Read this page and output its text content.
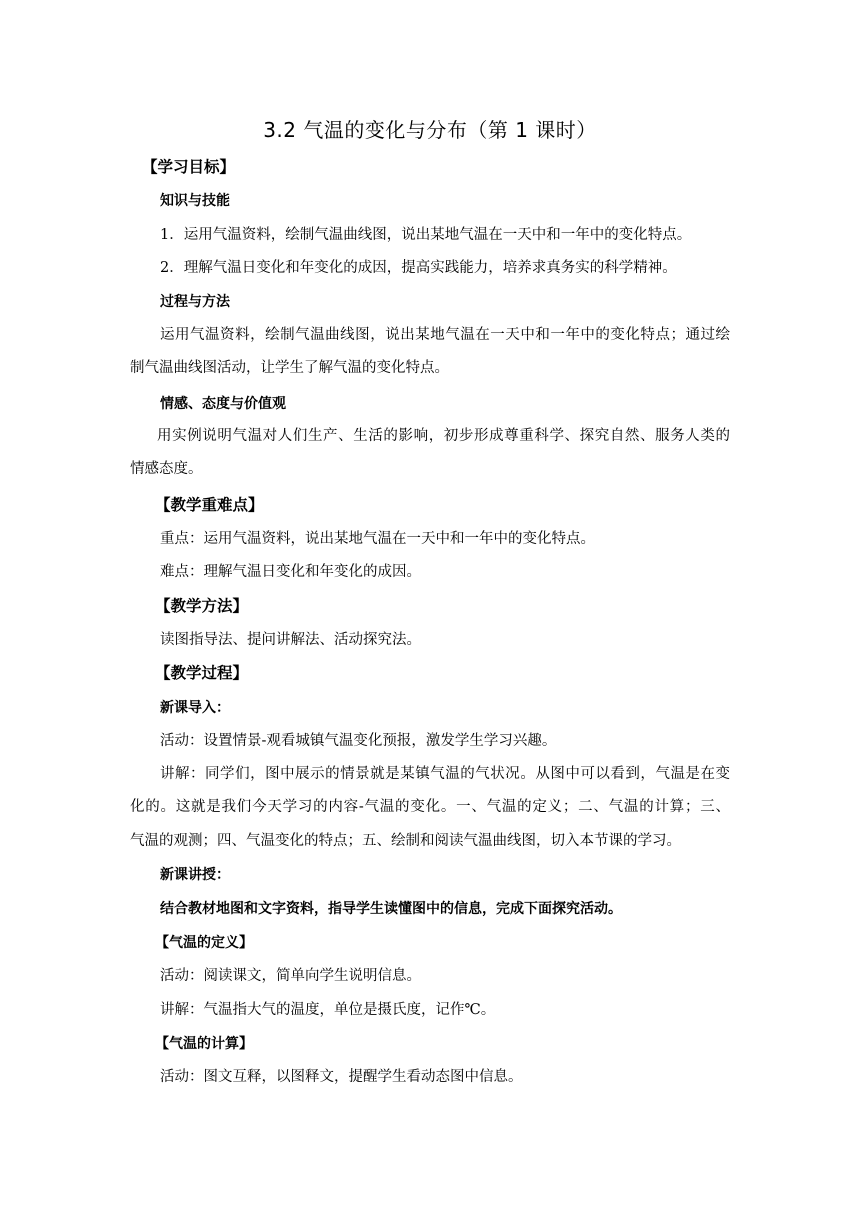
3.2 气温的变化与分布（第 1 课时）
【学习目标】
知识与技能
1．运用气温资料，绘制气温曲线图，说出某地气温在一天中和一年中的变化特点。
2．理解气温日变化和年变化的成因，提高实践能力，培养求真务实的科学精神。
过程与方法
运用气温资料，绘制气温曲线图，说出某地气温在一天中和一年中的变化特点；通过绘
制气温曲线图活动，让学生了解气温的变化特点。
情感、态度与价值观
用实例说明气温对人们生产、生活的影响，初步形成尊重科学、探究自然、服务人类的
情感态度。
【教学重难点】
重点：运用气温资料，说出某地气温在一天中和一年中的变化特点。
难点：理解气温日变化和年变化的成因。
【教学方法】
读图指导法、提问讲解法、活动探究法。
【教学过程】
新课导入：
活动：设置情景-观看城镇气温变化预报，激发学生学习兴趣。
讲解：同学们，图中展示的情景就是某镇气温的气状况。从图中可以看到，气温是在变
化的。这就是我们今天学习的内容-气温的变化。一、气温的定义；二、气温的计算；三、
气温的观测；四、气温变化的特点；五、绘制和阅读气温曲线图，切入本节课的学习。
新课讲授：
结合教材地图和文字资料，指导学生读懂图中的信息，完成下面探究活动。
【气温的定义】
活动：阅读课文，简单向学生说明信息。
讲解：气温指大气的温度，单位是摄氏度，记作℃。
【气温的计算】
活动：图文互释，以图释文，提醒学生看动态图中信息。
